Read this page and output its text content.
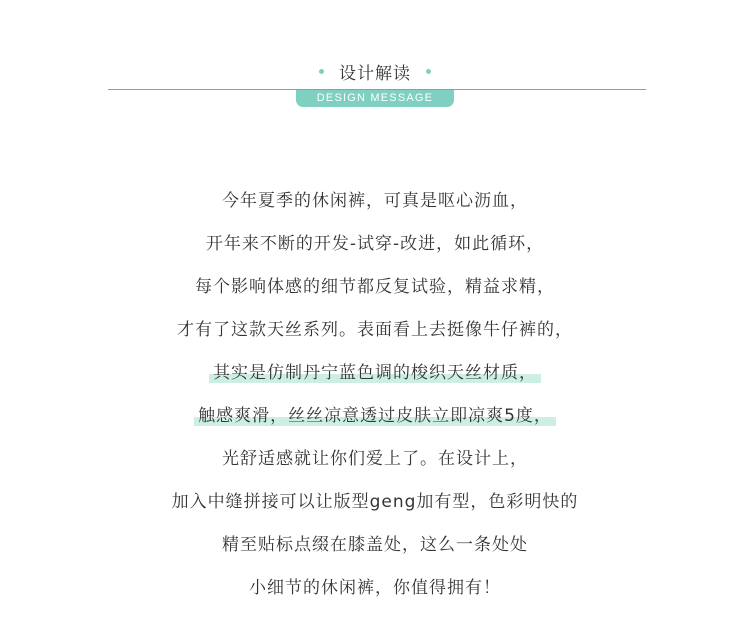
设计解读
DESIGN MESSAGE
今年夏季的休闲裤，可真是呕心沥血，
开年来不断的开发-试穿-改进，如此循环，
每个影响体感的细节都反复试验，精益求精，
才有了这款天丝系列。表面看上去挺像牛仔裤的，
其实是仿制丹宁蓝色调的梭织天丝材质，
触感爽滑，丝丝凉意透过皮肤立即凉爽5度，
光舒适感就让你们爱上了。在设计上，
加入中缝拼接可以让版型geng加有型，色彩明快的
精至贴标点缀在膝盖处，这么一条处处
小细节的休闲裤，你值得拥有！
